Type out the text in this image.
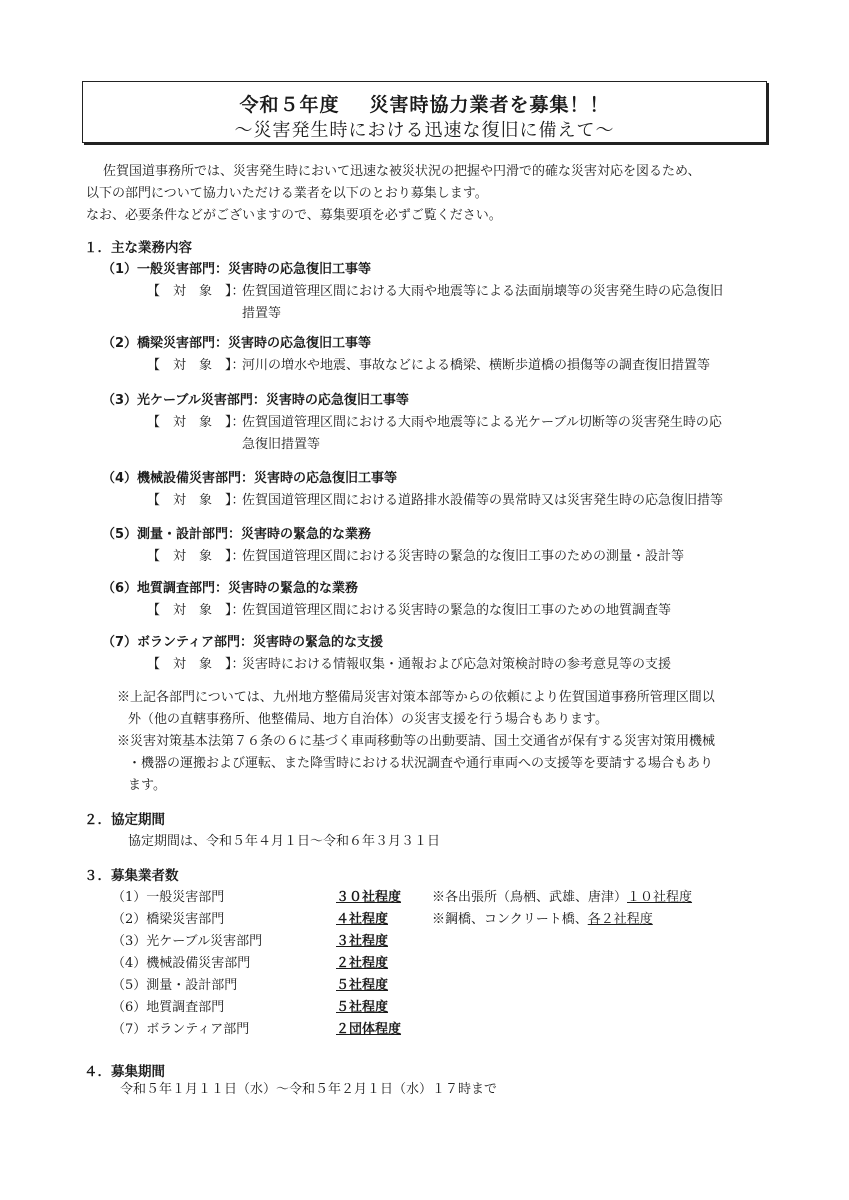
令和５年度 災害時協力業者を募集！！
～災害発生時における迅速な復旧に備えて～
佐賀国道事務所では、災害発生時において迅速な被災状況の把握や円滑で的確な災害対応を図るため、
以下の部門について協力いただける業者を以下のとおり募集します。
なお、必要条件などがございますので、募集要項を必ずご覧ください。
１．主な業務内容
（1）一般災害部門：災害時の応急復旧工事等
【　対　象　】：
佐賀国道管理区間における大雨や地震等による法面崩壊等の災害発生時の応急復旧
措置等
（2）橋梁災害部門：災害時の応急復旧工事等
【　対　象　】：
河川の増水や地震、事故などによる橋梁、横断歩道橋の損傷等の調査復旧措置等
（3）光ケーブル災害部門：災害時の応急復旧工事等
【　対　象　】：
佐賀国道管理区間における大雨や地震等による光ケーブル切断等の災害発生時の応
急復旧措置等
（4）機械設備災害部門：災害時の応急復旧工事等
【　対　象　】：
佐賀国道管理区間における道路排水設備等の異常時又は災害発生時の応急復旧措等
（5）測量・設計部門：災害時の緊急的な業務
【　対　象　】：
佐賀国道管理区間における災害時の緊急的な復旧工事のための測量・設計等
（6）地質調査部門：災害時の緊急的な業務
【　対　象　】：
佐賀国道管理区間における災害時の緊急的な復旧工事のための地質調査等
（7）ボランティア部門：災害時の緊急的な支援
【　対　象　】：
災害時における情報収集・通報および応急対策検討時の参考意見等の支援
※上記各部門については、九州地方整備局災害対策本部等からの依頼により佐賀国道事務所管理区間以
外（他の直轄事務所、他整備局、地方自治体）の災害支援を行う場合もあります。
※災害対策基本法第７６条の６に基づく車両移動等の出動要請、国土交通省が保有する災害対策用機械
・機器の運搬および運転、また降雪時における状況調査や通行車両への支援等を要請する場合もあり
ます。
２．協定期間
協定期間は、令和５年４月１日～令和６年３月３１日
３．募集業者数
（1）一般災害部門	３０社程度 ※各出張所（鳥栖、武雄、唐津）１０社程度
（2）橋梁災害部門	４社程度	※鋼橋、コンクリート橋、各２社程度
（3）光ケーブル災害部門	３社程度
（4）機械設備災害部門	２社程度
（5）測量・設計部門	５社程度
（6）地質調査部門	５社程度
（7）ボランティア部門	２団体程度
４．募集期間
令和５年１月１１日（水）～令和５年２月１日（水）１７時まで
